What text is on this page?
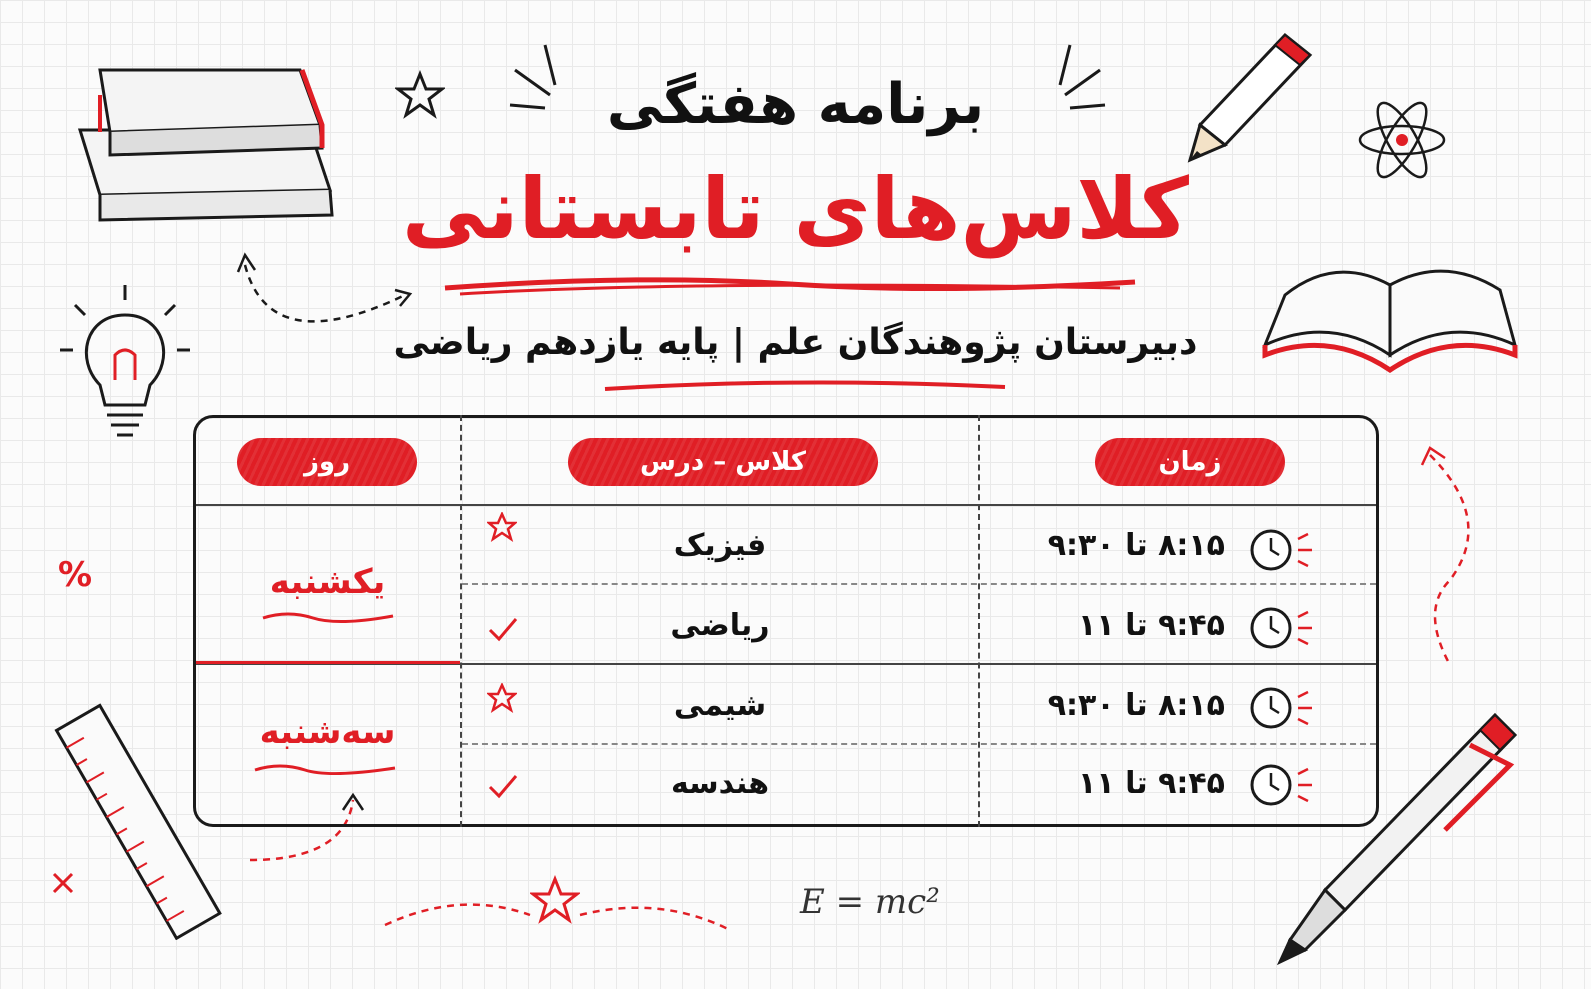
%
E = mc²
برنامه هفتگی
کلاس‌های تابستانی
دبیرستان پژوهندگان علم | پایه یازدهم ریاضی
روز	کلاس – درس	زمان
یکشنبه
سه‌شنبه
فیزیک
ریاضی
شیمی
هندسه
۸:۱۵ تا ۹:۳۰
۹:۴۵ تا ۱۱
۸:۱۵ تا ۹:۳۰
۹:۴۵ تا ۱۱
